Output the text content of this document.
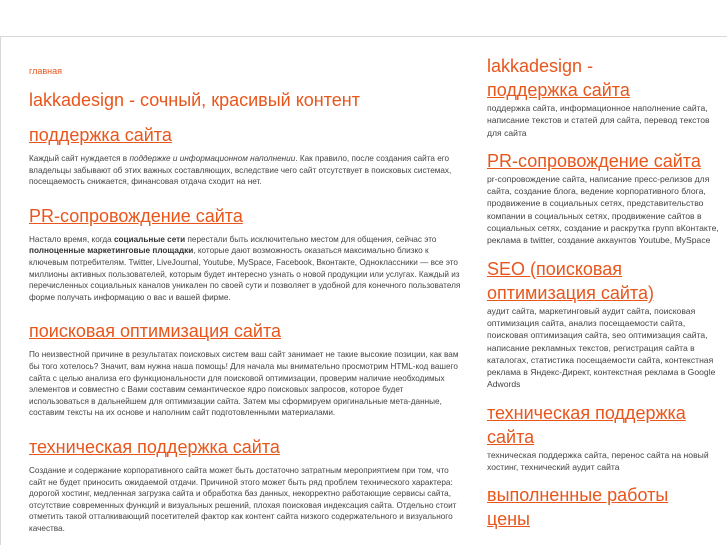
главная
lakkadesign - сочный, красивый контент
поддержка сайта
Каждый сайт нуждается в поддержке и информационном наполнении. Как правило, после создания сайта его владельцы забывают об этих важных составляющих, вследствие чего сайт отсутствует в поисковых системах, посещаемость снижается, финансовая отдача сходит на нет.
PR-сопровождение сайта
Настало время, когда социальные сети перестали быть исключительно местом для общения, сейчас это полноценные маркетинговые площадки, которые дают возможность оказаться максимально близко к ключевым потребителям. Twitter, LiveJournal, Youtube, MySpace, Facebook, Вконтакте, Одноклассники — все это миллионы активных пользователей, которым будет интересно узнать о новой продукции или услугах. Каждый из перечисленных социальных каналов уникален по своей сути и позволяет в удобной для конечного пользователя форме получать информацию о вас и вашей фирме.
поисковая оптимизация сайта
По неизвестной причине в результатах поисковых систем ваш сайт занимает не такие высокие позиции, как вам бы того хотелось? Значит, вам нужна наша помощь! Для начала мы внимательно просмотрим HTML-код вашего сайта с целью анализа его функциональности для поисковой оптимизации, проверим наличие необходимых элементов и совместно с Вами составим семантическое ядро поисковых запросов, которое будет использоваться в дальнейшем для оптимизации сайта. Затем мы сформируем оригинальные мета-данные, составим тексты на их основе и наполним сайт подготовленными материалами.
техническая поддержка сайта
Создание и содержание корпоративного сайта может быть достаточно затратным мероприятием при том, что сайт не будет приносить ожидаемой отдачи. Причиной этого может быть ряд проблем технического характера: дорогой хостинг, медленная загрузка сайта и обработка баз данных, некорректно работающие сервисы сайта, отсутствие современных функций и визуальных решений, плохая поисковая индексация сайта. Отдельно стоит отметить такой отталкивающий посетителей фактор как контент сайта низкого содержательного и визуального качества.
lakkadesign -
поддержка сайта
поддержка сайта, информационное наполнение сайта, написание текстов и статей для сайта, перевод текстов для сайта
PR-сопровождение сайта
pr-сопровождение сайта, написание пресс-релизов для сайта, создание блога, ведение корпоративного блога, продвижение в социальных сетях, представительство компании в социальных сетях, продвижение сайтов в социальных сетях, создание и раскрутка групп вКонтакте, реклама в twitter, создание аккаунтов Youtube, MySpace
SEO (поисковая оптимизация сайта)
аудит сайта, маркетинговый аудит сайта, поисковая оптимизация сайта, анализ посещаемости сайта, поисковая оптимизация сайта, seo оптимизация сайта, написание рекламных текстов, регистрация сайта в каталогах, статистика посещаемости сайта, контекстная реклама в Яндекс-Директ, контекстная реклама в Google Adwords
техническая поддержка сайта
техническая поддержка сайта, перенос сайта на новый хостинг, технический аудит сайта
выполненные работы
цены
